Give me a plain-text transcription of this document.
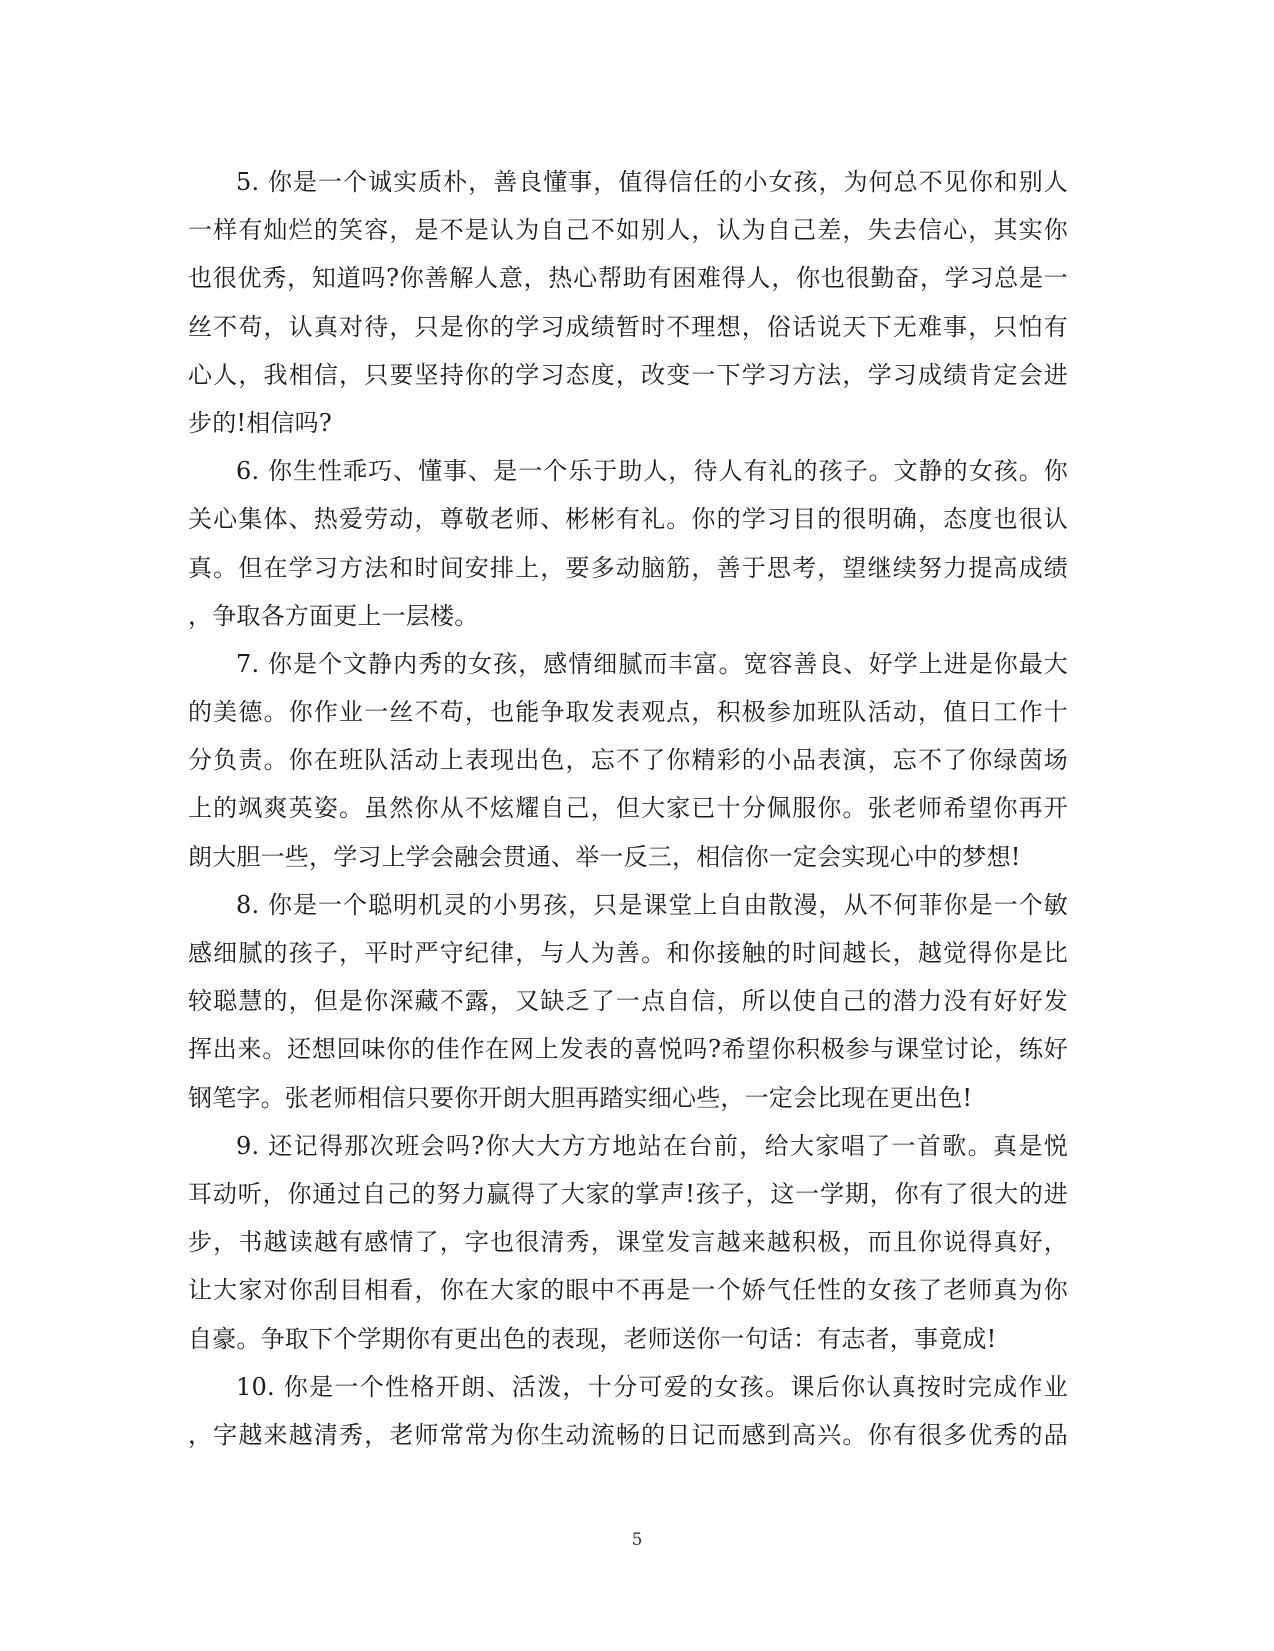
5. 你是一个诚实质朴，善良懂事，值得信任的小女孩，为何总不见你和别人
一样有灿烂的笑容，是不是认为自己不如别人，认为自己差，失去信心，其实你
也很优秀，知道吗?你善解人意，热心帮助有困难得人，你也很勤奋，学习总是一
丝不苟，认真对待，只是你的学习成绩暂时不理想，俗话说天下无难事，只怕有
心人，我相信，只要坚持你的学习态度，改变一下学习方法，学习成绩肯定会进
步的!相信吗?
6. 你生性乖巧、懂事、是一个乐于助人，待人有礼的孩子。文静的女孩。你
关心集体、热爱劳动，尊敬老师、彬彬有礼。你的学习目的很明确，态度也很认
真。但在学习方法和时间安排上，要多动脑筋，善于思考，望继续努力提高成绩
，争取各方面更上一层楼。
7. 你是个文静内秀的女孩，感情细腻而丰富。宽容善良、好学上进是你最大
的美德。你作业一丝不苟，也能争取发表观点，积极参加班队活动，值日工作十
分负责。你在班队活动上表现出色，忘不了你精彩的小品表演，忘不了你绿茵场
上的飒爽英姿。虽然你从不炫耀自己，但大家已十分佩服你。张老师希望你再开
朗大胆一些，学习上学会融会贯通、举一反三，相信你一定会实现心中的梦想!
8. 你是一个聪明机灵的小男孩，只是课堂上自由散漫，从不何菲你是一个敏
感细腻的孩子，平时严守纪律，与人为善。和你接触的时间越长，越觉得你是比
较聪慧的，但是你深藏不露，又缺乏了一点自信，所以使自己的潜力没有好好发
挥出来。还想回味你的佳作在网上发表的喜悦吗?希望你积极参与课堂讨论，练好
钢笔字。张老师相信只要你开朗大胆再踏实细心些，一定会比现在更出色!
9. 还记得那次班会吗?你大大方方地站在台前，给大家唱了一首歌。真是悦
耳动听，你通过自己的努力赢得了大家的掌声!孩子，这一学期，你有了很大的进
步，书越读越有感情了，字也很清秀，课堂发言越来越积极，而且你说得真好，
让大家对你刮目相看，你在大家的眼中不再是一个娇气任性的女孩了老师真为你
自豪。争取下个学期你有更出色的表现，老师送你一句话：有志者，事竟成!
10. 你是一个性格开朗、活泼，十分可爱的女孩。课后你认真按时完成作业
，字越来越清秀，老师常常为你生动流畅的日记而感到高兴。你有很多优秀的品
5
